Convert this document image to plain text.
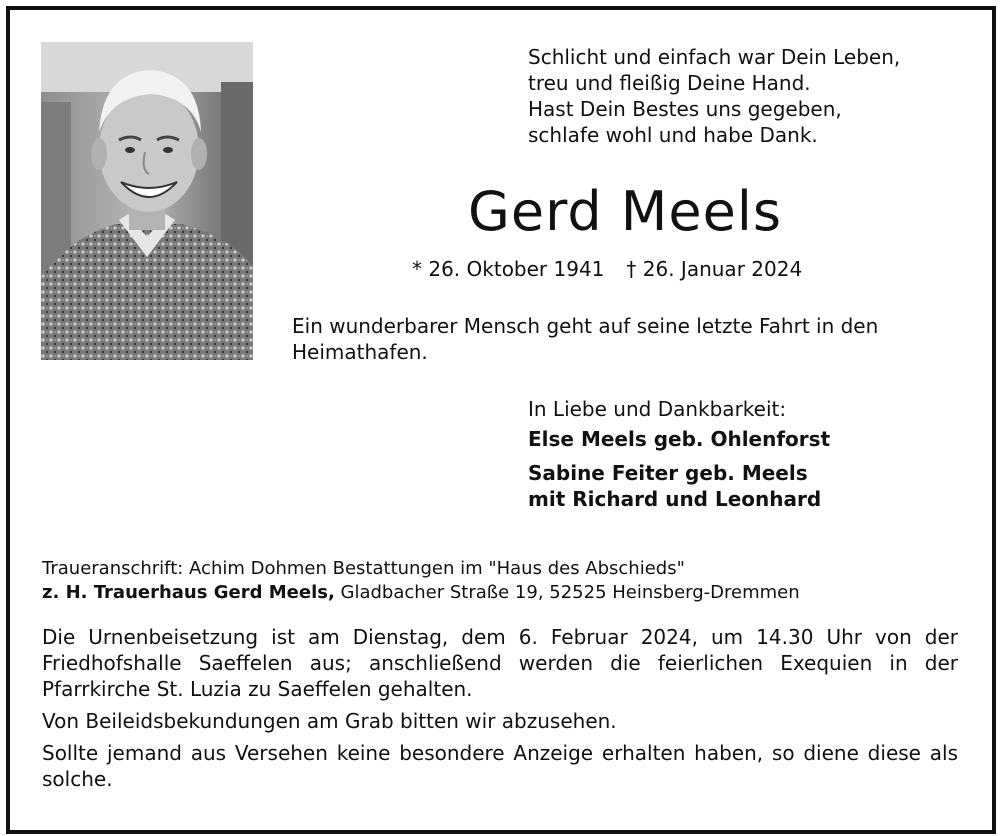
Schlicht und einfach war Dein Leben,
treu und fleißig Deine Hand.
Hast Dein Bestes uns gegeben,
schlafe wohl und habe Dank.
Gerd Meels
* 26. Oktober 1941 † 26. Januar 2024
Ein wunderbarer Mensch geht auf seine letzte Fahrt in den Heimathafen.
In Liebe und Dankbarkeit:
Else Meels geb. Ohlenforst
Sabine Feiter geb. Meels
mit Richard und Leonhard
Traueranschrift: Achim Dohmen Bestattungen im "Haus des Abschieds"
z. H. Trauerhaus Gerd Meels, Gladbacher Straße 19, 52525 Heinsberg-Dremmen

Die Urnenbeisetzung ist am Dienstag, dem 6. Februar 2024, um 14.30 Uhr von der Friedhofshalle Saeffelen aus; anschließend werden die feierlichen Exequien in der Pfarrkirche St. Luzia zu Saeffelen gehalten.

Von Beileidsbekundungen am Grab bitten wir abzusehen.

Sollte jemand aus Versehen keine besondere Anzeige erhalten haben, so diene diese als solche.
